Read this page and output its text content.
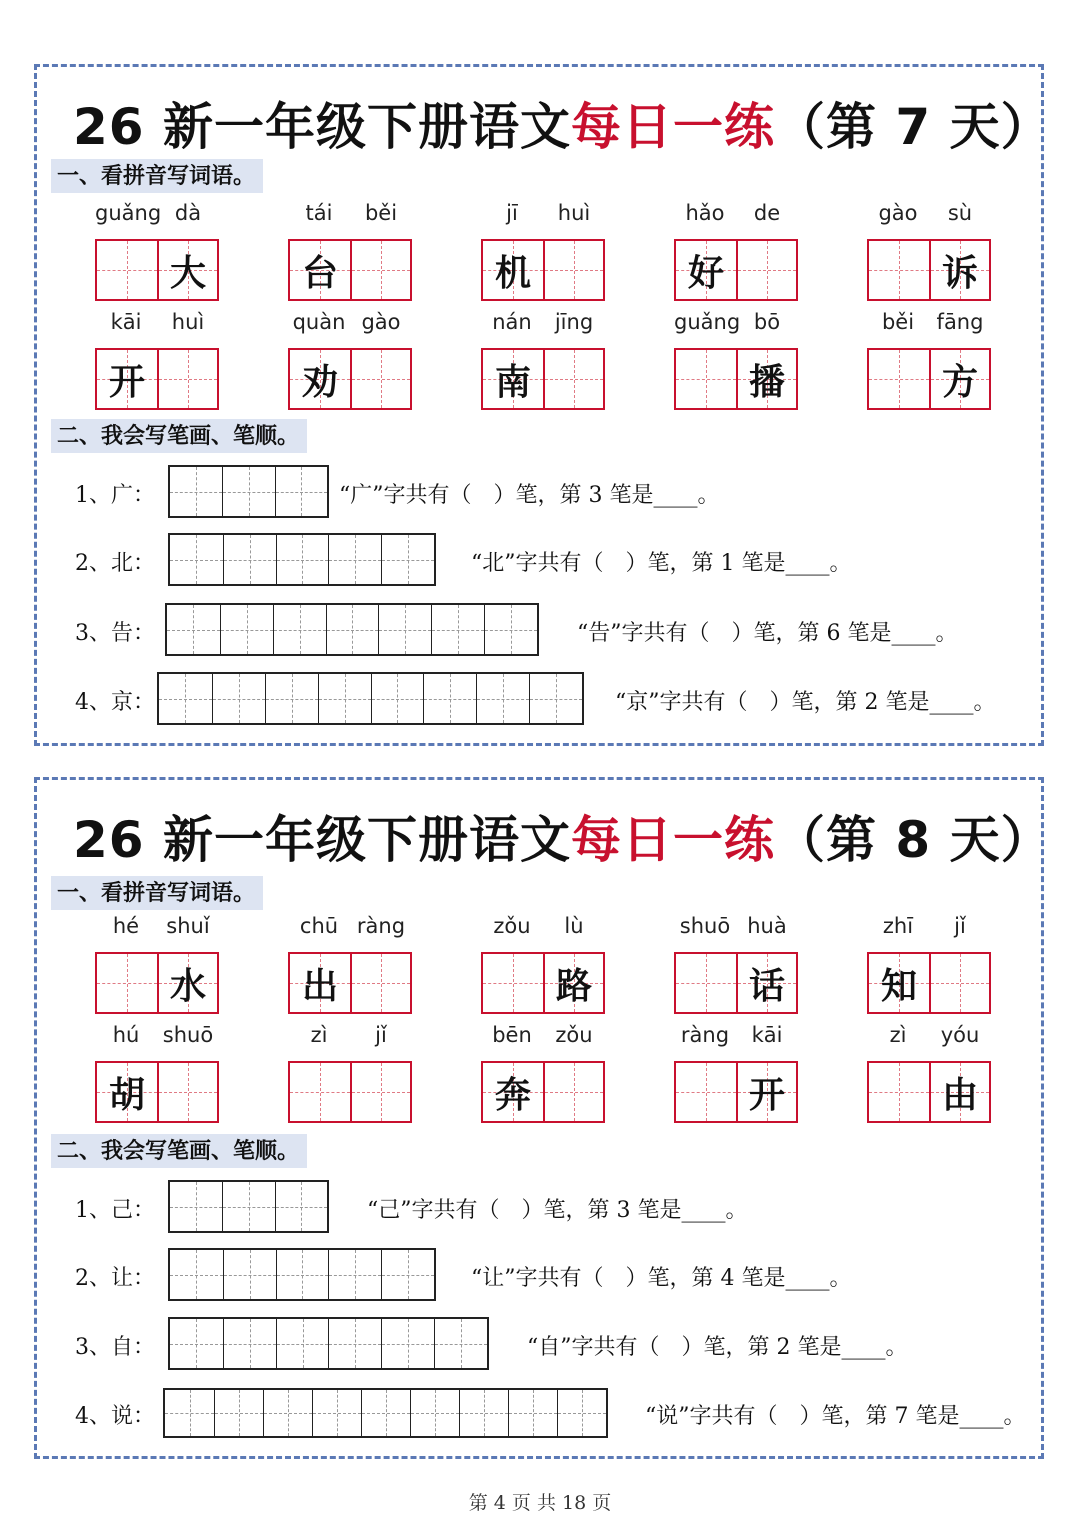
26 新一年级下册语文每日一练（第 7 天）
一、看拼音写词语。
二、我会写笔画、笔顺。
guǎng dà
大
tái	běi
台
jī	huì
机
hǎo	de
好
gào	sù
诉
kāi	huì
开
quàn gào
劝
nán	jīng
南
guǎng bō
播
běi	fāng
方
1、广：	“广”字共有（　）笔，第 3 笔是____。
2、北：	“北”字共有（　）笔，第 1 笔是____。
3、告：	“告”字共有（　）笔，第 6 笔是____。
4、京：	“京”字共有（　）笔，第 2 笔是____。
26 新一年级下册语文每日一练（第 8 天）
一、看拼音写词语。
二、我会写笔画、笔顺。
hé	shuǐ
水
chū ràng
出
zǒu	lù
路
shuō huà
话
zhī	jǐ
知
hú	shuō
胡
zì	jǐ	bēn	zǒu
奔
ràng	kāi
开
zì	yóu
由
1、己：	“己”字共有（　）笔，第 3 笔是____。
2、让：	“让”字共有（　）笔，第 4 笔是____。
3、自：	“自”字共有（　）笔，第 2 笔是____。
4、说：	“说”字共有（　）笔，第 7 笔是____。
第 4 页 共 18 页
